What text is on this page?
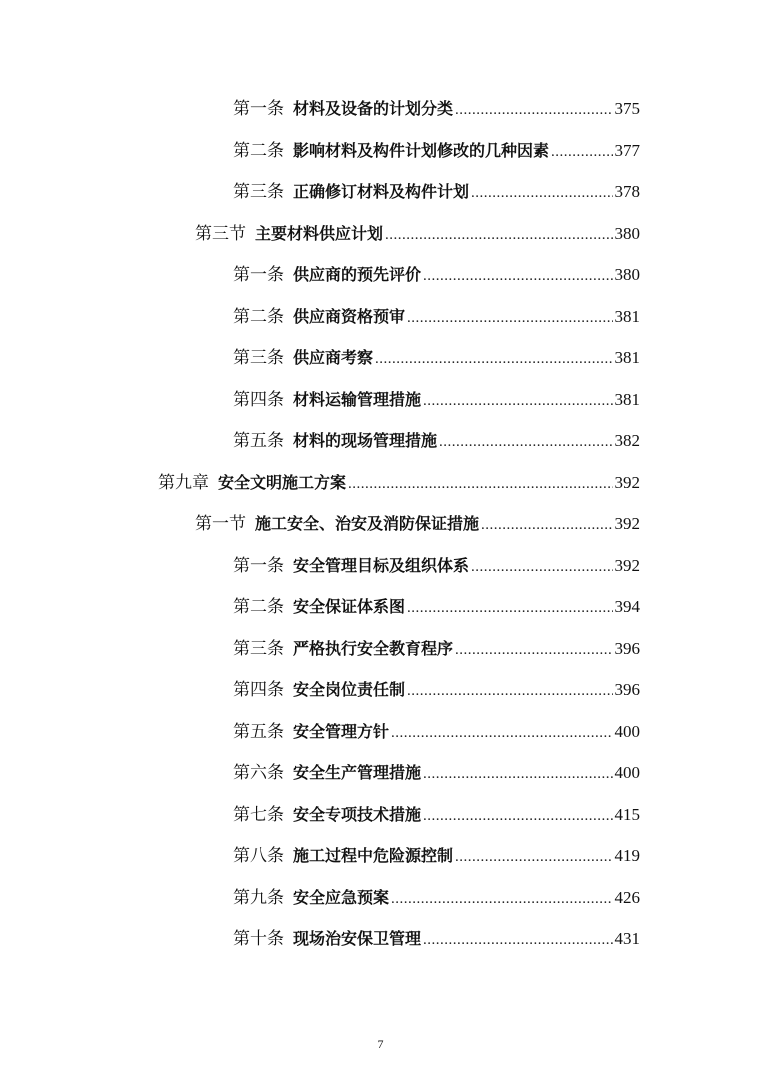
第一条 材料及设备的计划分类 .....	375
第二条 影响材料及构件计划修改的几种因素 .....	377
第三条 正确修订材料及构件计划 .....	378
第三节 主要材料供应计划 .....	380
第一条 供应商的预先评价 .....	380
第二条 供应商资格预审 .....	381
第三条 供应商考察 .....	381
第四条 材料运输管理措施 .....	381
第五条 材料的现场管理措施 .....	382
第九章 安全文明施工方案 .....	392
第一节 施工安全、治安及消防保证措施 .....	392
第一条 安全管理目标及组织体系 .....	392
第二条 安全保证体系图 .....	394
第三条 严格执行安全教育程序 .....	396
第四条 安全岗位责任制 .....	396
第五条 安全管理方针 .....	400
第六条 安全生产管理措施 .....	400
第七条 安全专项技术措施 .....	415
第八条 施工过程中危险源控制 .....	419
第九条 安全应急预案 .....	426
第十条 现场治安保卫管理 .....	431
7
